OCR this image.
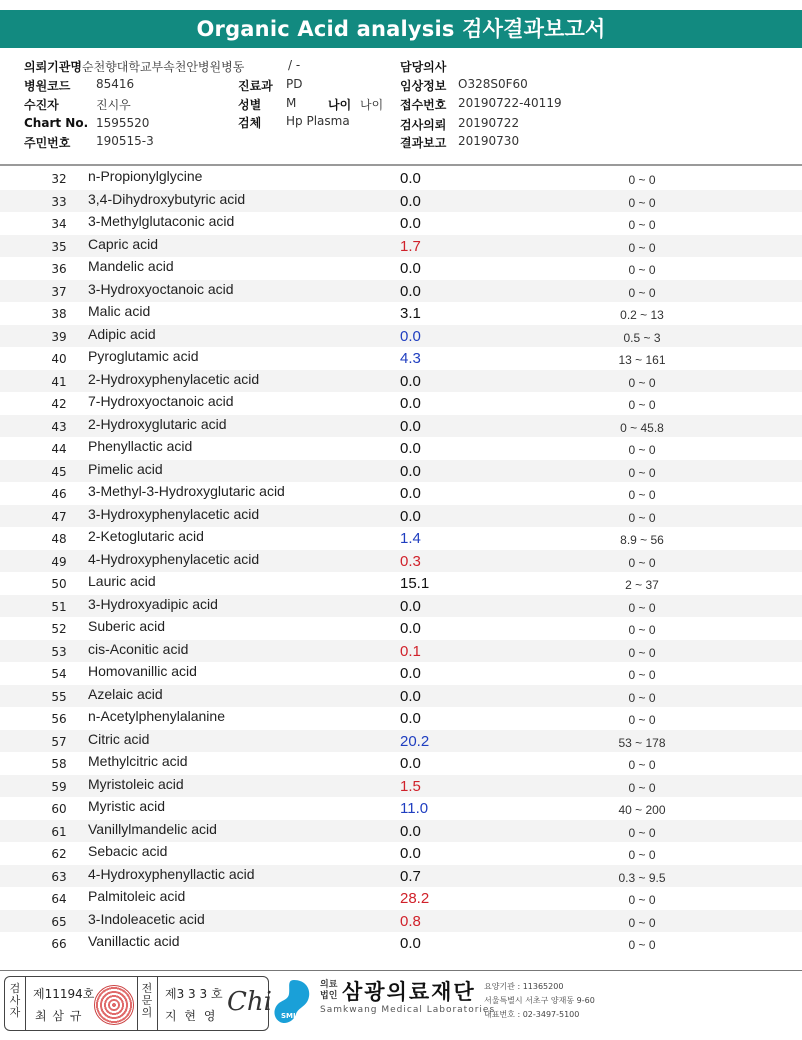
Organic Acid analysis 검사결과보고서
의뢰기관명 순천향대학교부속천안병원병동	/ -	담당의사
병원코드 85416	진료과 PD	임상정보 O328S0F60
수진자	진시우	성별 M	나이 나이 접수번호 20190722-40119
Chart No. 1595520	검체 Hp Plasma	검사의뢰 20190722
주민번호 190515-3	결과보고 20190730
32 n-Propionylglycine	0.0	0 ~ 0
33 3,4-Dihydroxybutyric acid	0.0	0 ~ 0
34 3-Methylglutaconic acid	0.0	0 ~ 0
35 Capric acid	1.7	0 ~ 0
36 Mandelic acid	0.0	0 ~ 0
37 3-Hydroxyoctanoic acid	0.0	0 ~ 0
38 Malic acid	3.1	0.2 ~ 13
39 Adipic acid	0.0	0.5 ~ 3
40 Pyroglutamic acid	4.3	13 ~ 161
41 2-Hydroxyphenylacetic acid	0.0	0 ~ 0
42 7-Hydroxyoctanoic acid	0.0	0 ~ 0
43 2-Hydroxyglutaric acid	0.0	0 ~ 45.8
44 Phenyllactic acid	0.0	0 ~ 0
45 Pimelic acid	0.0	0 ~ 0
46 3-Methyl-3-Hydroxyglutaric acid	0.0	0 ~ 0
47 3-Hydroxyphenylacetic acid	0.0	0 ~ 0
48 2-Ketoglutaric acid	1.4	8.9 ~ 56
49 4-Hydroxyphenylacetic acid	0.3	0 ~ 0
50 Lauric acid	15.1	2 ~ 37
51 3-Hydroxyadipic acid	0.0	0 ~ 0
52 Suberic acid	0.0	0 ~ 0
53 cis-Aconitic acid	0.1	0 ~ 0
54 Homovanillic acid	0.0	0 ~ 0
55 Azelaic acid	0.0	0 ~ 0
56 n-Acetylphenylalanine	0.0	0 ~ 0
57 Citric acid	20.2	53 ~ 178
58 Methylcitric acid	0.0	0 ~ 0
59 Myristoleic acid	1.5	0 ~ 0
60 Myristic acid	11.0	40 ~ 200
61 Vanillylmandelic acid	0.0	0 ~ 0
62 Sebacic acid	0.0	0 ~ 0
63 4-Hydroxyphenyllactic acid	0.7	0.3 ~ 9.5
64 Palmitoleic acid	28.2	0 ~ 0
65 3-Indoleacetic acid	0.8	0 ~ 0
66 Vanillactic acid	0.0	0 ~ 0
검
사
자
제11194호
최 삼 규
전
문
의
제3 3 3 호
지 현 영 Chi SML
의료
법인 삼광의료재단
Samkwang Medical Laboratories
요양기관 : 11365200
서울특별시 서초구 양재동 9-60
대표번호 : 02-3497-5100
